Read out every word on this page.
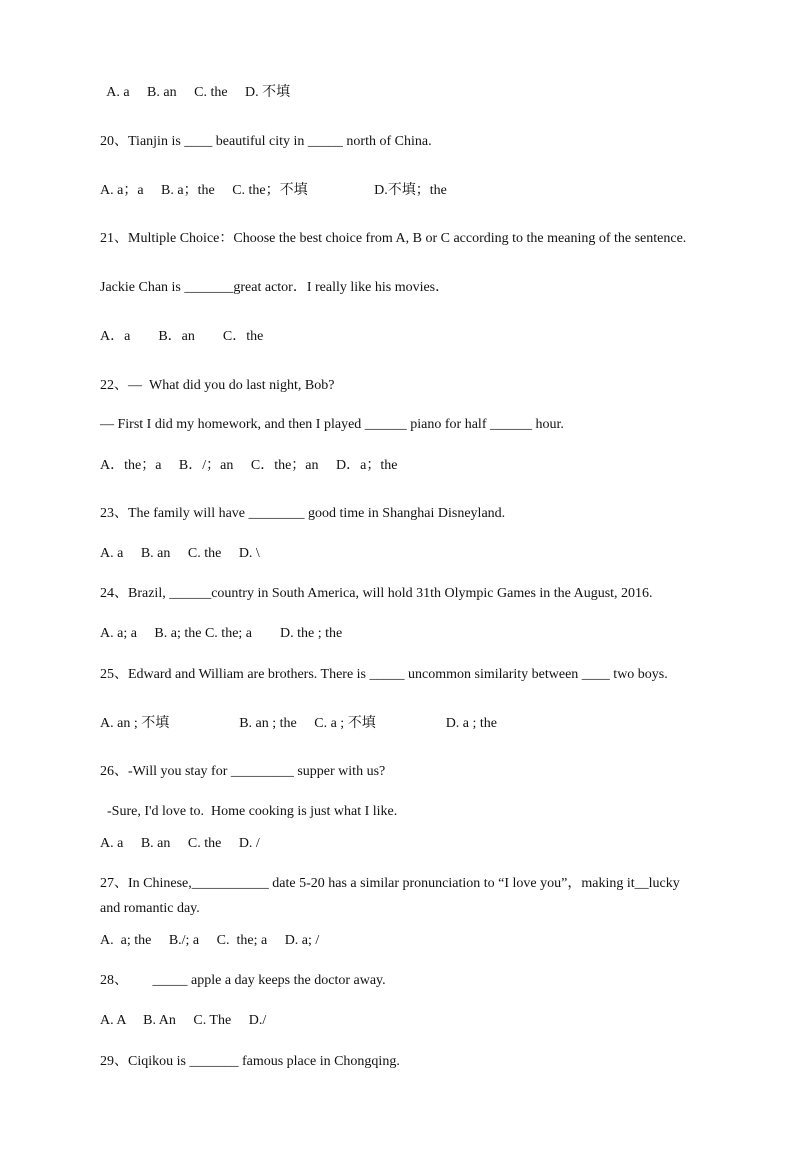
A. a     B. an     C. the     D. 不填
20、Tianjin is ____ beautiful city in _____ north of China.
A. a；a     B. a；the     C. the；不填                   D.不填；the
21、Multiple Choice：Choose the best choice from A, B or C according to the meaning of the sentence.
Jackie Chan is _______great actor．I really like his movies．
A．a        B．an        C．the
22、—  What did you do last night, Bob?
— First I did my homework, and then I played ______ piano for half ______ hour.
A．the；a     B．/；an     C．the；an     D．a；the
23、The family will have ________ good time in Shanghai Disneyland.
A. a     B. an     C. the     D. \
24、Brazil, ______country in South America, will hold 31th Olympic Games in the August, 2016.
A. a; a     B. a; the C. the; a        D. the ; the
25、Edward and William are brothers. There is _____ uncommon similarity between ____ two boys.
A. an ; 不填                    B. an ; the     C. a ; 不填                    D. a ; the
26、-Will you stay for _________ supper with us?
-Sure, I'd love to.  Home cooking is just what I like.
A. a     B. an     C. the     D. /
27、In Chinese,___________ date 5-20 has a similar pronunciation to “I love you”，making it__lucky
and romantic day.
A.  a; the     B./; a     C.  the; a     D. a; /
28、       _____ apple a day keeps the doctor away.
A. A     B. An     C. The     D./
29、Ciqikou is _______ famous place in Chongqing.
